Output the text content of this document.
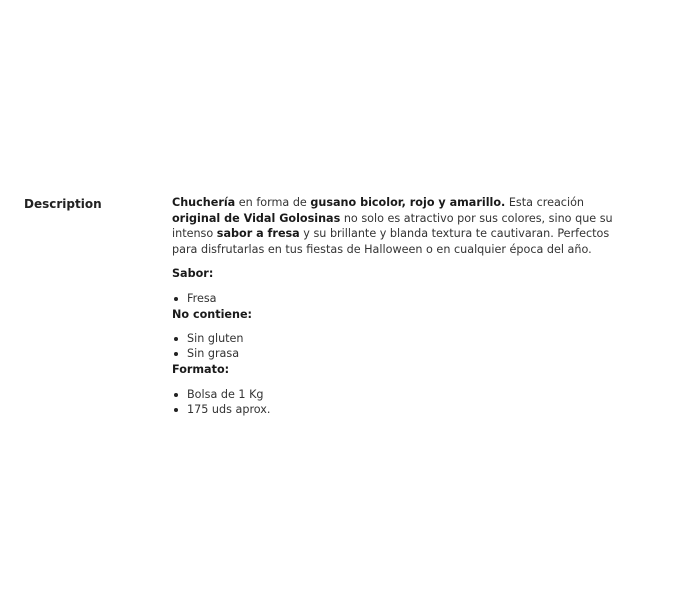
Description	Chuchería en forma de gusano bicolor, rojo y amarillo. Esta creación original de Vidal Golosinas no solo es atractivo por sus colores, sino que su intenso sabor a fresa y su brillante y blanda textura te cautivaran. Perfectos para disfrutarlas en tus fiestas de Halloween o en cualquier época del año.

Sabor:
Fresa
No contiene:
Sin gluten
Sin grasa
Formato:
Bolsa de 1 Kg
175 uds aprox.
